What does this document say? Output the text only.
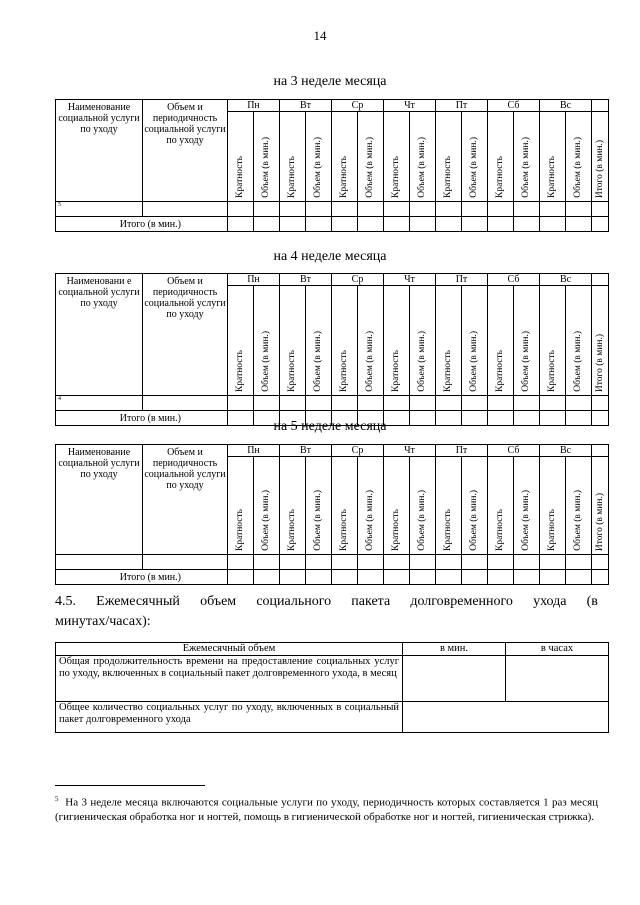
14
на 3 неделе месяца
Наименование социальной услуги по уходу	Объем и периодичность социальной услуги по уходу	Пн		Вт		Ср		Чт		Пт		Сб		Вс		
		Кратность	Объем (в мин.)	Кратность	Объем (в мин.)	Кратность	Объем (в мин.)	Кратность	Объем (в мин.)	Кратность	Объем (в мин.)	Кратность	Объем (в мин.)	Кратность	Объем (в мин.)	Итого (в мин.)
5																
Итого (в мин.)																
на 4 неделе месяца
Наименовани е социальной услуги по уходу	Объем и периодичность социальной услуги по уходу	Пн		Вт		Ср		Чт		Пт		Сб		Вс		
		Кратность	Объем (в мин.)	Кратность	Объем (в мин.)	Кратность	Объем (в мин.)	Кратность	Объем (в мин.)	Кратность	Объем (в мин.)	Кратность	Объем (в мин.)	Кратность	Объем (в мин.)	Итого (в мин.)
4																
Итого (в мин.)																
на 5 неделе месяца
Наименование социальной услуги по уходу	Объем и периодичность социальной услуги по уходу	Пн		Вт		Ср		Чт		Пт		Сб		Вс		
		Кратность	Объем (в мин.)	Кратность	Объем (в мин.)	Кратность	Объем (в мин.)	Кратность	Объем (в мин.)	Кратность	Объем (в мин.)	Кратность	Объем (в мин.)	Кратность	Объем (в мин.)	Итого (в мин.)

Итого (в мин.)																
4.5. Ежемесячный объем социального пакета долговременного ухода (в
минутах/часах):
Ежемесячный объем	в мин.	в часах
Общая продолжительность времени на предоставление социальных услуг по уходу, включенных в социальный пакет долговременного ухода, в месяц		
Общее количество социальных услуг по уходу, включенных в социальный пакет долговременного ухода		
$^5$ На 3 неделе месяца включаются социальные услуги по уходу, периодичность которых составляется 1 раз месяц (гигиеническая обработка ног и ногтей, помощь в гигиенической обработке ног и ногтей, гигиеническая стрижка).
